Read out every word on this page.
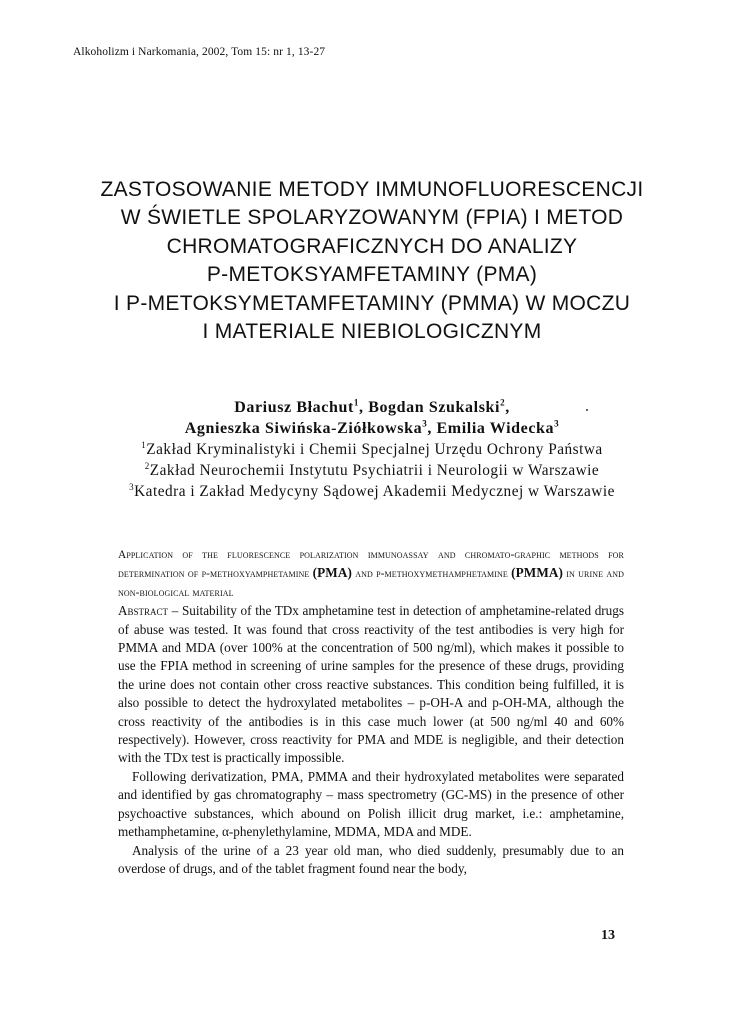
Alkoholizm i Narkomania, 2002, Tom 15: nr 1, 13-27
ZASTOSOWANIE METODY IMMUNOFLUORESCENCJI
W ŚWIETLE SPOLARYZOWANYM (FPIA) I METOD
CHROMATOGRAFICZNYCH DO ANALIZY
P-METOKSYAMFETAMINY (PMA)
I P-METOKSYMETAMFETAMINY (PMMA) W MOCZU
I MATERIALE NIEBIOLOGICZNYM
Dariusz Błachut$^1$, Bogdan Szukalski$^2$,
Agnieszka Siwińska-Ziółkowska$^3$, Emilia Widecka$^3$
$^1$Zakład Kryminalistyki i Chemii Specjalnej Urzędu Ochrony Państwa
$^2$Zakład Neurochemii Instytutu Psychiatrii i Neurologii w Warszawie
$^3$Katedra i Zakład Medycyny Sądowej Akademii Medycznej w Warszawie

Application of the fluorescence polarization immunoassay and chromato-graphic methods for determination of p-methoxyamphetamine (PMA) and p-methoxymethamphetamine (PMMA) in urine and non-biological material

Abstract – Suitability of the TDx amphetamine test in detection of amphetamine-related drugs of abuse was tested. It was found that cross reactivity of the test antibodies is very high for PMMA and MDA (over 100% at the concentration of 500 ng/ml), which makes it possible to use the FPIA method in screening of urine samples for the presence of these drugs, providing the urine does not contain other cross reactive substances. This condition being fulfilled, it is also possible to detect the hydroxylated metabolites – p-OH-A and p-OH-MA, although the cross reactivity of the antibodies is in this case much lower (at 500 ng/ml 40 and 60% respectively). However, cross reactivity for PMA and MDE is negligible, and their detection with the TDx test is practically impossible.

Following derivatization, PMA, PMMA and their hydroxylated metabolites were separated and identified by gas chromatography – mass spectrometry (GC-MS) in the presence of other psychoactive substances, which abound on Polish illicit drug market, i.e.: amphetamine, methamphetamine, α-phenylethylamine, MDMA, MDA and MDE.

Analysis of the urine of a 23 year old man, who died suddenly, presumably due to an overdose of drugs, and of the tablet fragment found near the body,

13
